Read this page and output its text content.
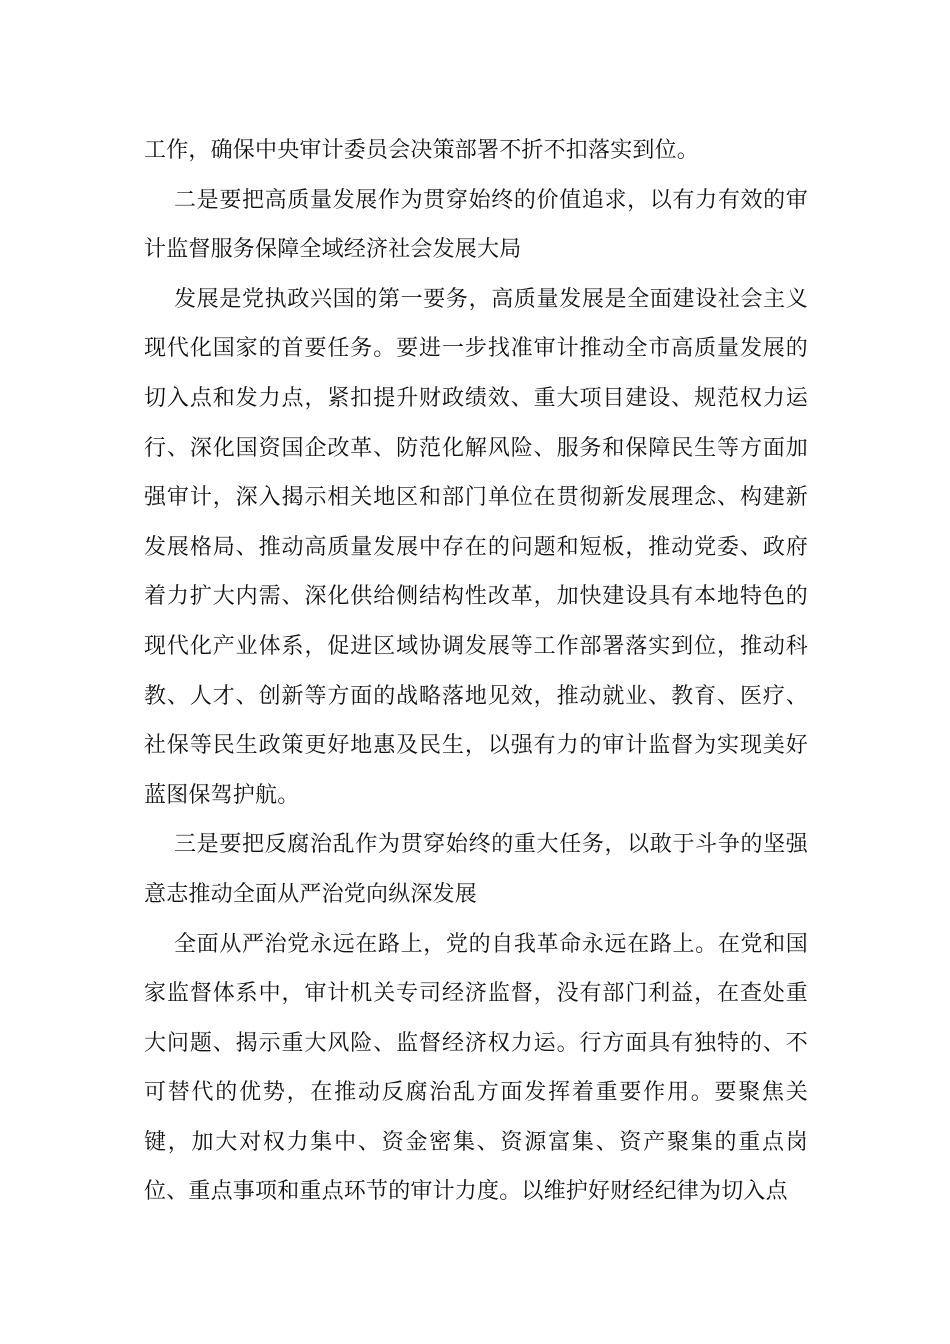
工作，确保中央审计委员会决策部署不折不扣落实到位。

二是要把高质量发展作为贯穿始终的价值追求，以有力有效的审计监督服务保障全域经济社会发展大局

发展是党执政兴国的第一要务，高质量发展是全面建设社会主义现代化国家的首要任务。要进一步找准审计推动全市高质量发展的切入点和发力点，紧扣提升财政绩效、重大项目建设、规范权力运行、深化国资国企改革、防范化解风险、服务和保障民生等方面加强审计，深入揭示相关地区和部门单位在贯彻新发展理念、构建新发展格局、推动高质量发展中存在的问题和短板，推动党委、政府着力扩大内需、深化供给侧结构性改革，加快建设具有本地特色的现代化产业体系，促进区域协调发展等工作部署落实到位，推动科教、人才、创新等方面的战略落地见效，推动就业、教育、医疗、社保等民生政策更好地惠及民生，以强有力的审计监督为实现美好蓝图保驾护航。

三是要把反腐治乱作为贯穿始终的重大任务，以敢于斗争的坚强意志推动全面从严治党向纵深发展

全面从严治党永远在路上，党的自我革命永远在路上。在党和国家监督体系中，审计机关专司经济监督，没有部门利益，在查处重大问题、揭示重大风险、监督经济权力运。行方面具有独特的、不可替代的优势，在推动反腐治乱方面发挥着重要作用。要聚焦关键，加大对权力集中、资金密集、资源富集、资产聚集的重点岗位、重点事项和重点环节的审计力度。以维护好财经纪律为切入点
